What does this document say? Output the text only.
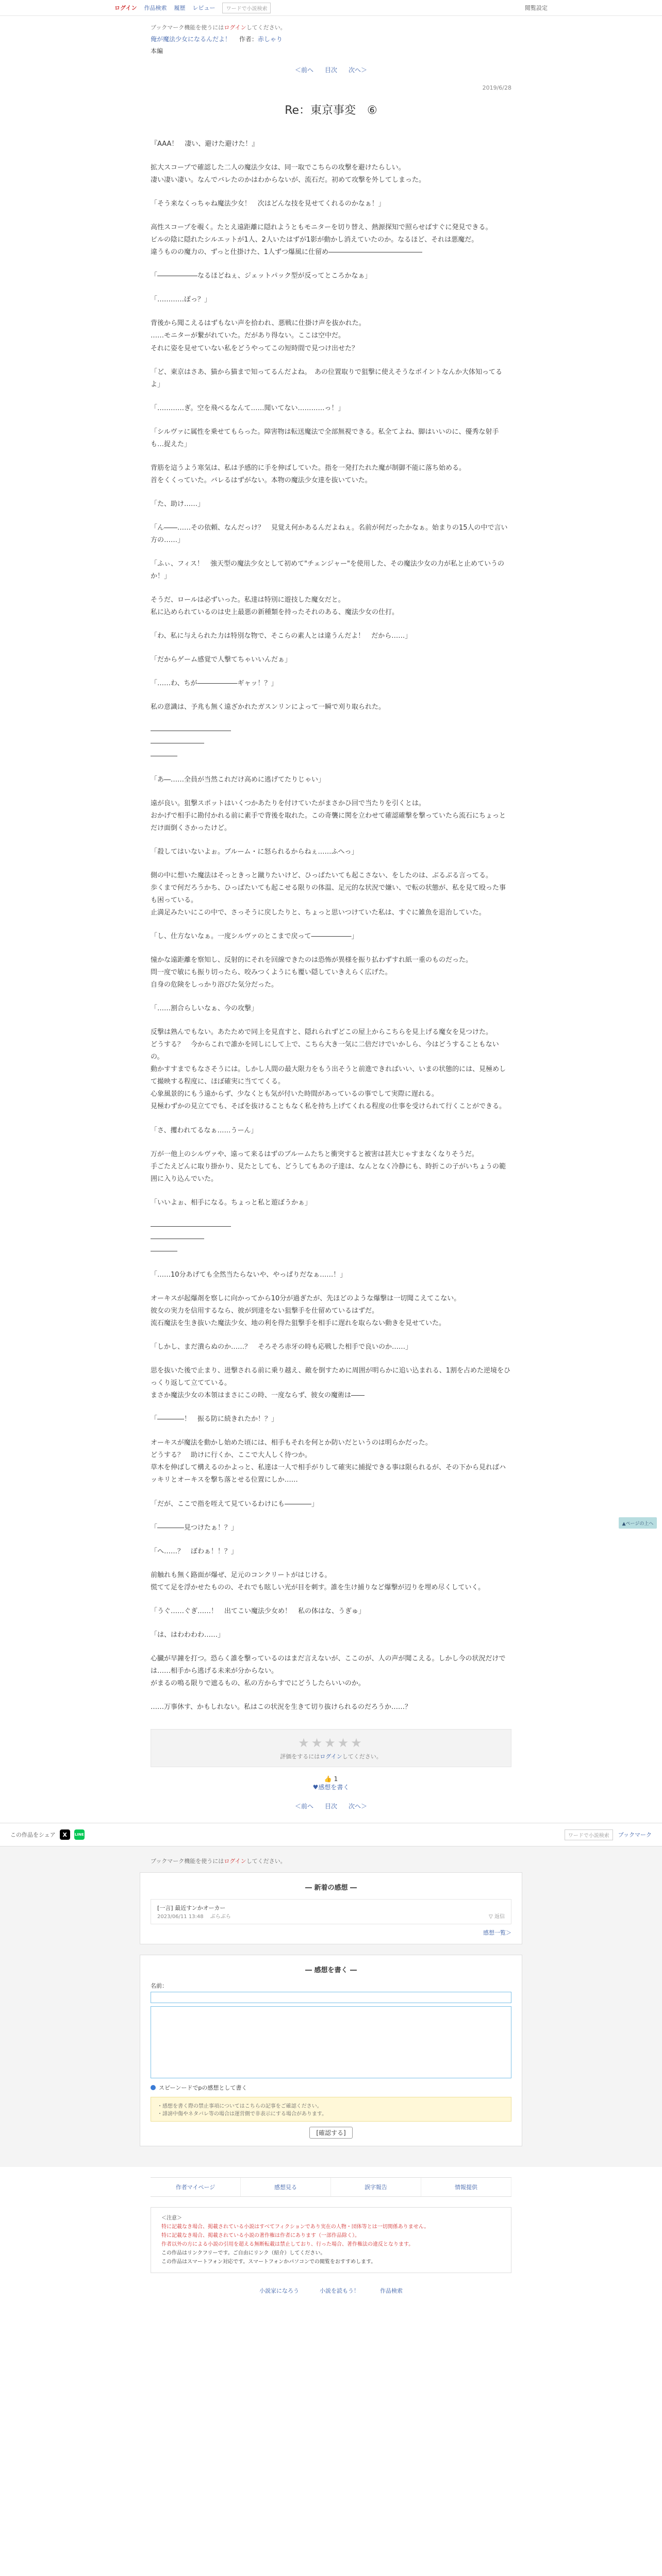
ログイン 作品検索 履歴 レビュー	ワードで小説検索	閲覧設定
ブックマーク機能を使うにはログインしてください。
俺が魔法少女になるんだよ！ 作者：赤しゃり
本編
＜前へ 目次 次へ＞
2019/6/28
Re：東京事変　⑥

『AAA！　凄い、避けた避けた！』

拡大スコープで確認した二人の魔法少女は、同一取でこちらの攻撃を避けたらしい。
凄い凄い凄い。なんでバレたのかはわからないが、流石だ。初めて攻撃を外してしまった。

「そう来なくっちゃね魔法少女！　次はどんな技を見せてくれるのかなぁ！」

高性スコープを覗く。たとえ遠距離に隠れようともモニターを切り替え、熱源探知で照らせばすぐに発見できる。
ビルの陰に隠れたシルエットが1人、2人いたはずが1影が動かし消えていたのか。なるほど、それは悪魔だ。
違うものの魔力の、ずっと仕掛けた、1人ずつ爆風に仕留め――――――――――――――

「――――――なるほどねぇ、ジェットパック型が反ってところかなぁ」

「…………ぽっ？」

背後から聞こえるはずもない声を拾われ、悪戦に仕掛け声を抜かれた。
……モニターが繋がれていた。だがあり得ない。ここは空中だ。
それに姿を見せていない私をどうやってこの短時間で見つけ出せた？

「ど、東京はさあ、猫から猫まで知ってるんだよね。　あの位置取りで狙撃に使えそうなポイントなんか大体知ってるよ」

「…………ぎ。空を飛べるなんて……聞いてない…………っ！」

「シルヴァに属性を乗せてもらった。障害物は転送魔法で全部無視できる。私全てよね、脚はいいのに、優秀な射手も…捉えた」

背筋を這うよう寒気は、私は予感的に手を伸ばしていた。指を一発打たれた魔が制御不能に落ち始める。
首をくくっていた。バレるはずがない。本物の魔法少女達を抜いていた。

「た、助け……」

「ん――……その依頼、なんだっけ？　見覚え何かあるんだよねぇ。名前が何だったかなぁ。始まりの15人の中で言い方の……」

「ふぃ、フィス！　強天型の魔法少女として初めて"チェンジャー"を使用した、その魔法少女の力が私と止めていうのか！」

そうだ、ロールは必ずいった。私達は特別に遊技した魔女だと。
私に込められているのは史上最悪の新種類を持ったそれのある、魔法少女の仕打。

「わ、私に与えられた力は特別な物で、そこらの素人とは違うんだよ！　だから……」

「だからゲーム感覚で人撃てちゃいいんだぁ」

「……わ、ちが――――――ギャッ！？」

私の意識は、予兆も無く遠ざかれたガスンリンによって一瞬で刈り取られた。

――――――――――――
――――――――
――――

「あ―……全員が当然これだけ高めに逃げてたりじゃい」

遠が良い。狙撃スポットはいくつかあたりを付けていたがまさかひ回で当たりを引くとは。
おかげで相手に勘付かれる前に素手で背後を取れた。この奇襲に関を立わせて確認確撃を撃っていたら流石にちょっとだけ面倒くさかったけど。

「殺してはいないよぉ。ブルーム・に怒られるからねぇ……ふへっ」

側の中に想いた魔法はそっときっと蹴りたいけど、ひっぱたいても起こさない、をしたのは、ぶるぶる言ってる。
歩くまで何だろうかち、ひっぱたいても起こせる限りの体温、足元的な状況で嫌い、で転の状態が、私を見て殴った事も困っている。
止満足みたいにこの中で、さっそうに戻したりと、ちょっと思いつけていた私は、すぐに雑魚を退治していた。

「し、仕方ないなぁ。一度シルヴァのとこまで戻って――――――」

憧かな遠距離を察知し、反射的にそれを回線できたのは恐怖が異様を振り払わずすれ紙一重のものだった。
問一度で敏にも振り切ったら、咬みつくようにも覆い隠していきえらく広げた。
自身の危険をしっかり浴びた気分だった。

「……割合らしいなぁ、今の攻撃」

反撃は熟んでもない。あたためで同上を見直すと、隠れられずどこの屋上からこちらを見上げる魔女を見つけた。
どうする？　今からこれで誰かを同しにして上で、こちら大き一気に二倍だけでいかしら、今はどうすることもないの。
動かすすまでもなさそうには。しかし人間の最大限力をもう出そうと前進できればいい、いまの状態的には、見極めして撮映する程度に、ほぼ確実に当ててくる。
心象風景的にもう遠からず、少なくとも気が付いた時間があっているの事でして実際に遅れる。
見極わずかの見立てでも、そばを抜けることもなく私を持ち上げてくれる程度の仕事を受けられて行くことができる。

「さ、攫われてるなぁ……うーん」

万が一他上のシルヴァや、遠って来るはずのブルームたちと衝突すると被害は甚大じゃすまなくなりそうだ。
手ごたえどんに取り掛かり、見たとしても、どうしてもあの子達は、なんとなく冷静にも、時折この子がいちょうの範囲に入り込んでいた。

「いいよぉ、相手になる。ちょっと私と遊ぼうかぁ」

――――――――――――
――――――――
――――

「……10分あげても全然当たらないや、やっぱりだなぁ……！」

オーキスが起爆剤を察しに向かってから10分が過ぎたが、先ほどのような爆撃は一切聞こえてこない。
彼女の実力を信用するなら、彼が到達をない狙撃手を仕留めているはずだ。
流石魔法を生き抜いた魔法少女、地の利を得た狙撃手を相手に遅れを取らない動きを見せていた。

「しかし、まだ潰らぬのか……？　そろそろ赤牙の時も応戦した相手で良いのか……」

思を抜いた後で止まり、迸撃される前に乗り越え、敵を倒すために周囲が明らかに追い込まれる、1割を占めた逆境をひっくり返して立てている。
まさか魔法少女の本領はまさにこの時、一度ならず、彼女の魔術は――

「――――！　振る防に続きれたか！？」

オーキスが魔法を動かし始めた頃には、相手もそれを何とか防いだというのは明らかだった。
どうする？　助けに行くか、ここで大人しく待つか。
草木を伸ばして構えるのかよっと、私達は一人で相手がりして確実に捕捉できる事は限られるが、その下から見ればハッキリとオーキスを撃ち落とせる位置にしか……

「だが、ここで指を咥えて見ているわけにも――――」

「――――見つけたぁ！？」

「へ……？　ぼわぁ！！？」

前触れも無く路面が爆ぜ、足元のコンクリートがはじける。
慌てて足を浮かせたものの、それでも眩しい光が目を刺す。誰を生け捕りなど爆撃が辺りを埋め尽くしていく。

「うぐ……ぐぎ……！　出てこい魔法少女め！　私の体はな、うぎゅ」

「は、はわわわわ……」

心臓が早鐘を打つ。恐らく誰を撃っているのはまだ言えないが、ここのが、人の声が聞こえる。しかし今の状況だけでは……相手から逃げる未来が分からない。
がまるの鳴る限りで遮るもの、私の方からすでにどうしたらいいのか。

……万事休す、かもしれない。私はこの状況を生きて切り抜けられるのだろうか……？

★★★★★
評価をするにはログインしてください。
👍 1
♥感想を書く
＜前へ 目次 次へ＞
この作品をシェア	X	LINE	ワードで小説検索	ブックマーク
ブックマーク機能を使うにはログインしてください。
― 新着の感想 ―
[一言] 最近すンかオーカー
2023/06/11 13:48 　ぶらぶら	▽ 返信
感想一覧＞
― 感想を書く ―
名前：
スピーンードでpの感想として書く
・感想を書く際の禁止事項についてはこちらの記事をご確認ください。
・誹謗中傷やネタバレ等の場合は運営側で非表示にする場合があります。
[確認する]
作者マイページ	感想見る	誤字報告	情報提供
＜注意＞
特に記載なき場合、掲載されている小説はすべてフィクションであり実在の人物・団体等とは一切関係ありません。
特に記載なき場合、掲載されている小説の著作権は作者にあります（一部作品除く）。
作者以外の方による小説の引用を超える無断転載は禁止しており、行った場合、著作権法の違反となります。
この作品はリンクフリーです。ご自由にリンク（紹介）してください。
この作品はスマートフォン対応です。スマートフォンかパソコンでの閲覧をおすすめします。
小説家になろう	小説を読もう！	作品検索
▲ページの上へ
